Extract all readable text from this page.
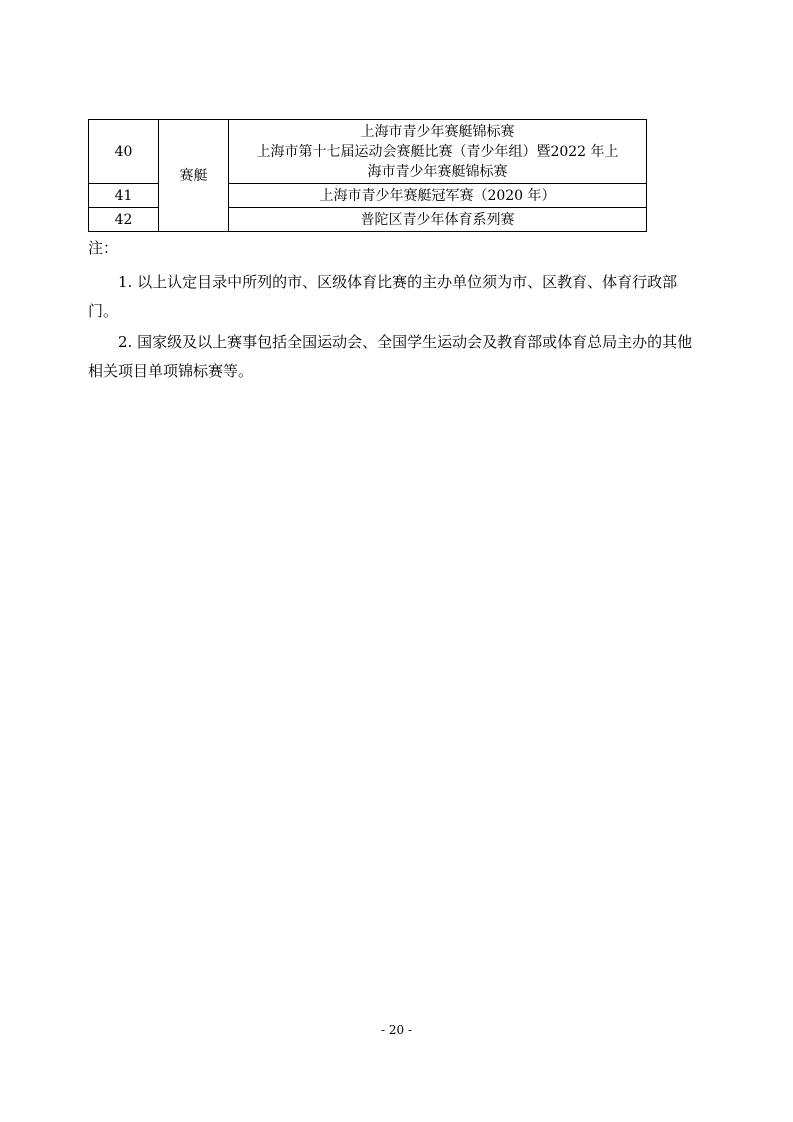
40	赛艇	上海市青少年赛艇锦标赛
上海市第十七届运动会赛艇比赛（青少年组）暨2022 年上
海市青少年赛艇锦标赛

41		上海市青少年赛艇冠军赛（2020 年）

42		普陀区青少年体育系列赛
注：

1. 以上认定目录中所列的市、区级体育比赛的主办单位须为市、区教育、体育行政部门。

2. 国家级及以上赛事包括全国运动会、全国学生运动会及教育部或体育总局主办的其他相关项目单项锦标赛等。

- 20 -
